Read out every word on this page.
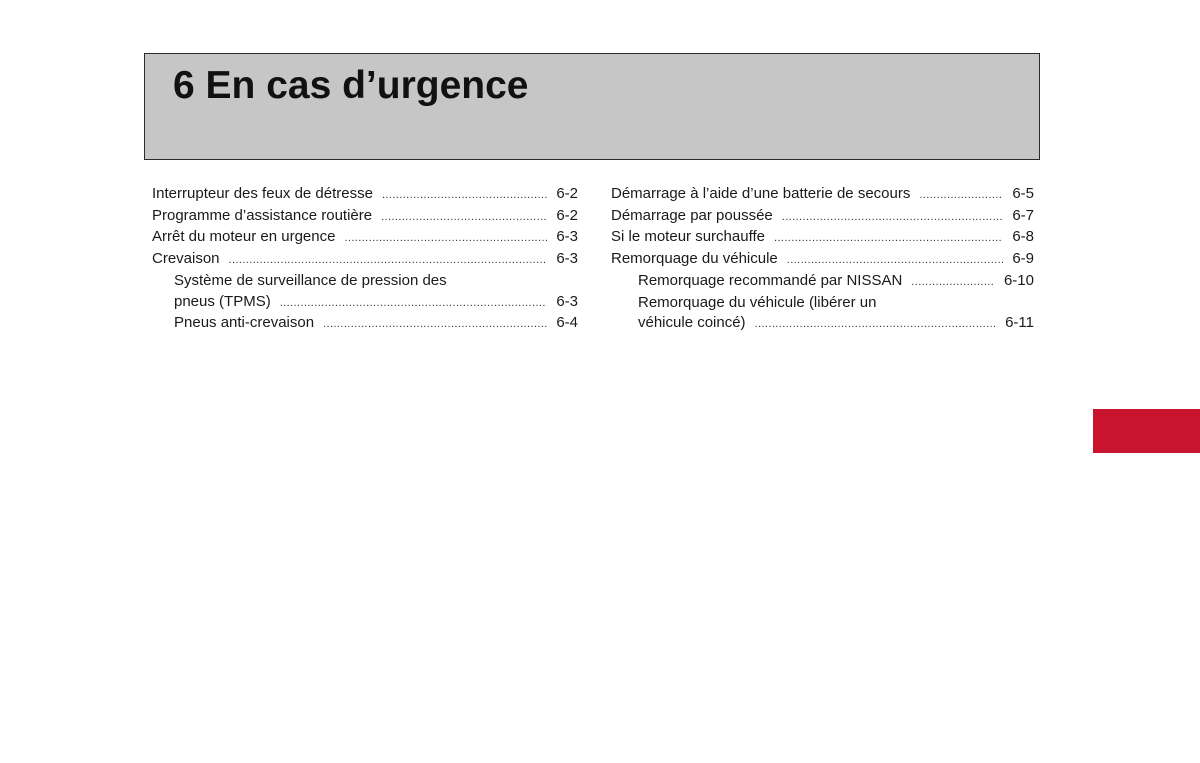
6 En cas d’urgence
Interrupteur des feux de détresse .....	6-2
Programme d’assistance routière .....	6-2
Arrêt du moteur en urgence .....	6-3
Crevaison .....	6-3
Système de surveillance de pression des
pneus (TPMS) .....	6-3
Pneus anti-crevaison .....	6-4
Démarrage à l’aide d’une batterie de secours .....	6-5
Démarrage par poussée .....	6-7
Si le moteur surchauffe .....	6-8
Remorquage du véhicule .....	6-9
Remorquage recommandé par NISSAN .....	6-10
Remorquage du véhicule (libérer un
véhicule coincé) .....	6-11
